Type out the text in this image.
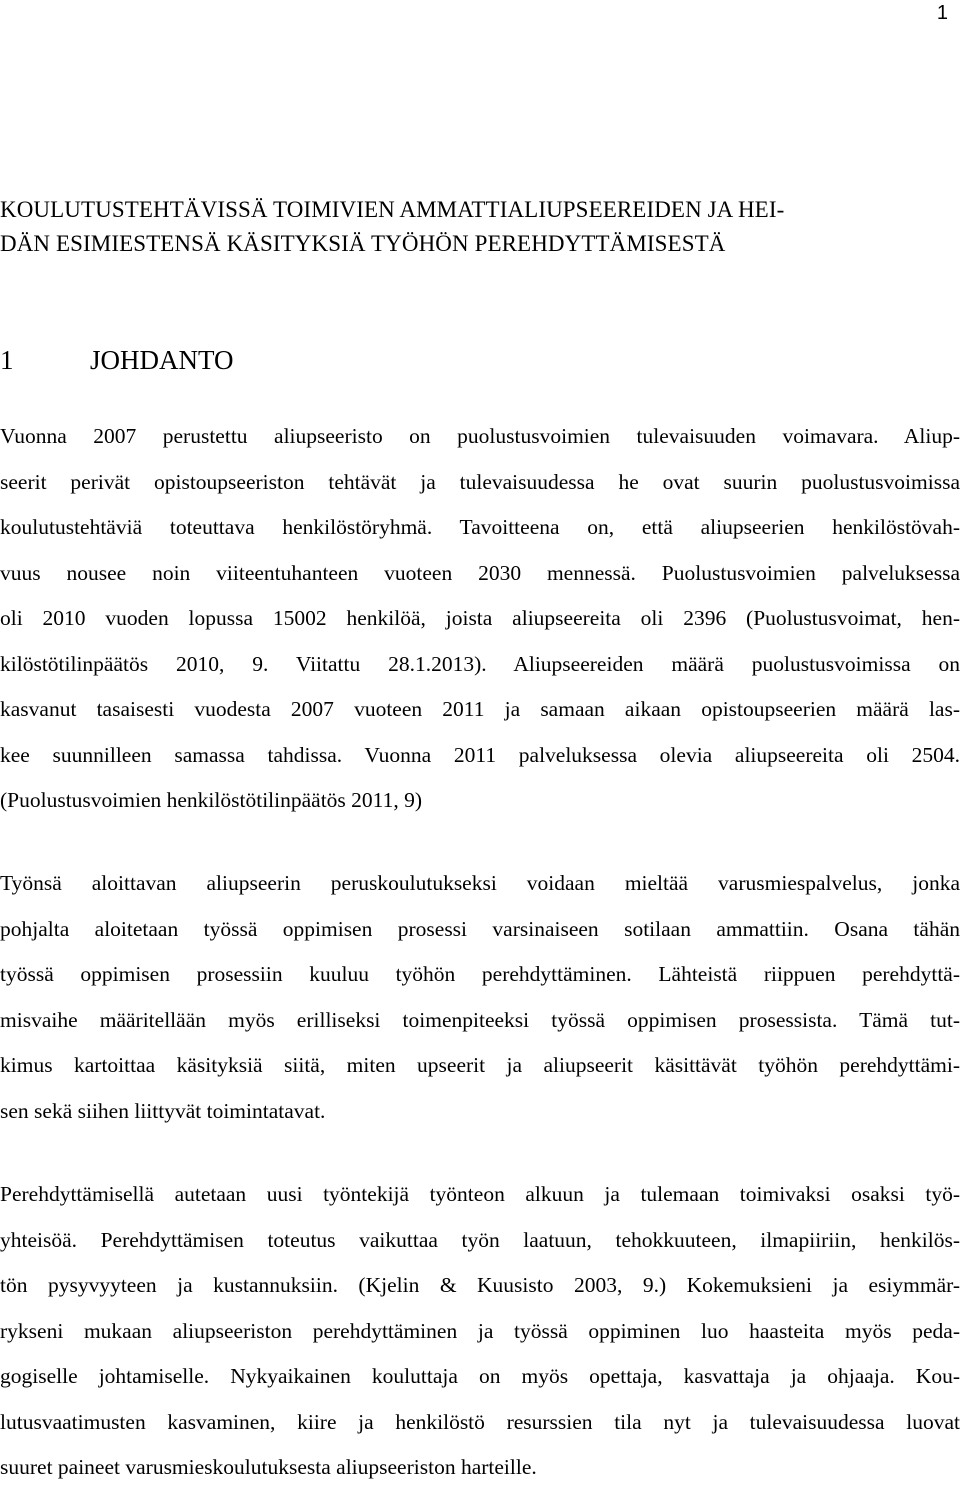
1
KOULUTUSTEHTÄVISSÄ TOIMIVIEN AMMATTIALIUPSEEREIDEN JA HEI-
DÄN ESIMIESTENSÄ KÄSITYKSIÄ TYÖHÖN PEREHDYTTÄMISESTÄ
1	JOHDANTO
Vuonna 2007 perustettu aliupseeristo on puolustusvoimien tulevaisuuden voimavara. Aliup-
seerit perivät opistoupseeriston tehtävät ja tulevaisuudessa he ovat suurin puolustusvoimissa
koulutustehtäviä toteuttava henkilöstöryhmä. Tavoitteena on, että aliupseerien henkilöstövah-
vuus nousee noin viiteentuhanteen vuoteen 2030 mennessä. Puolustusvoimien palveluksessa
oli 2010 vuoden lopussa 15002 henkilöä, joista aliupseereita oli 2396 (Puolustusvoimat, hen-
kilöstötilinpäätös 2010, 9. Viitattu 28.1.2013). Aliupseereiden määrä puolustusvoimissa on
kasvanut tasaisesti vuodesta 2007 vuoteen 2011 ja samaan aikaan opistoupseerien määrä las-
kee suunnilleen samassa tahdissa. Vuonna 2011 palveluksessa olevia aliupseereita oli 2504.
(Puolustusvoimien henkilöstötilinpäätös 2011, 9)
Työnsä aloittavan aliupseerin peruskoulutukseksi voidaan mieltää varusmiespalvelus, jonka
pohjalta aloitetaan työssä oppimisen prosessi varsinaiseen sotilaan ammattiin. Osana tähän
työssä oppimisen prosessiin kuuluu työhön perehdyttäminen. Lähteistä riippuen perehdyttä-
misvaihe määritellään myös erilliseksi toimenpiteeksi työssä oppimisen prosessista. Tämä tut-
kimus kartoittaa käsityksiä siitä, miten upseerit ja aliupseerit käsittävät työhön perehdyttämi-
sen sekä siihen liittyvät toimintatavat.
Perehdyttämisellä autetaan uusi työntekijä työnteon alkuun ja tulemaan toimivaksi osaksi työ-
yhteisöä. Perehdyttämisen toteutus vaikuttaa työn laatuun, tehokkuuteen, ilmapiiriin, henkilös-
tön pysyvyyteen ja kustannuksiin. (Kjelin & Kuusisto 2003, 9.) Kokemuksieni ja esiymmär-
ryksenі mukaan aliupseeriston perehdyttäminen ja työssä oppiminen luo haasteita myös peda-
gogiselle johtamiselle. Nykyaikainen kouluttaja on myös opettaja, kasvattaja ja ohjaaja. Kou-
lutusvaatimusten kasvaminen, kiire ja henkilöstö resurssien tila nyt ja tulevaisuudessa luovat
suuret paineet varusmieskoulutuksesta aliupseeriston harteille.
